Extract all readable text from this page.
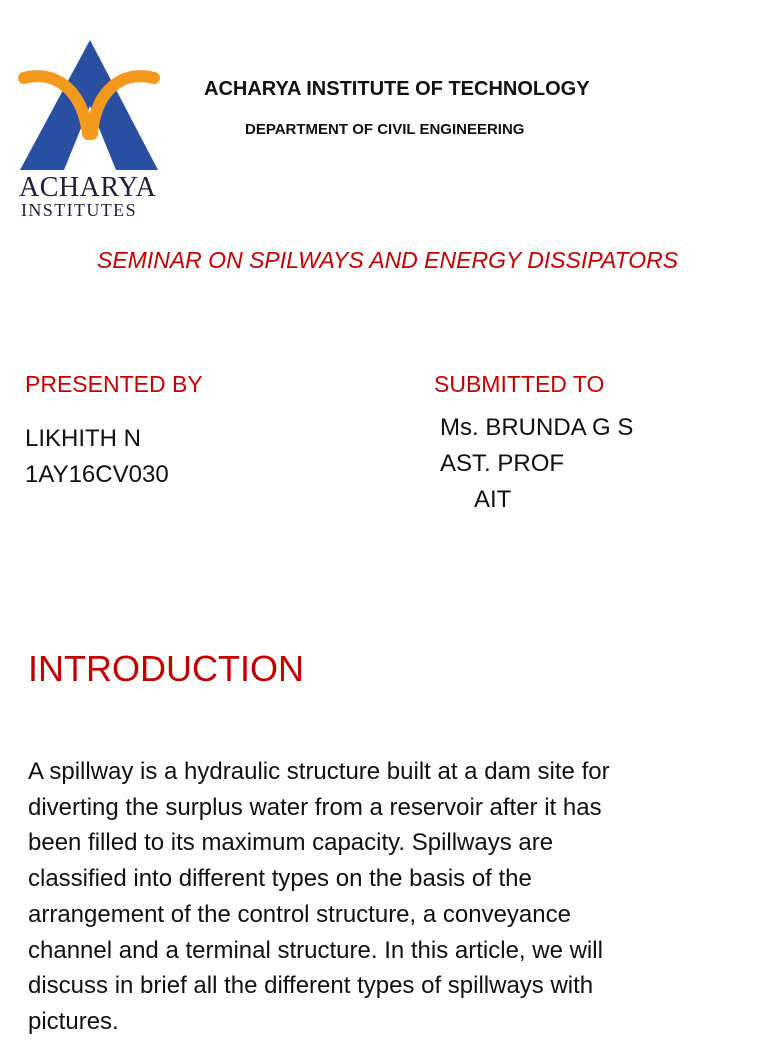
ACHARYA
INSTITUTES
ACHARYA INSTITUTE OF TECHNOLOGY
DEPARTMENT OF CIVIL ENGINEERING
SEMINAR ON SPILWAYS AND ENERGY DISSIPATORS
PRESENTED BY	SUBMITTED TO
LIKHITH N
1AY16CV030
Ms. BRUNDA G S
AST. PROF
AIT
INTRODUCTION
A spillway is a hydraulic structure built at a dam site for
diverting the surplus water from a reservoir after it has
been filled to its maximum capacity. Spillways are
classified into different types on the basis of the
arrangement of the control structure, a conveyance
channel and a terminal structure. In this article, we will
discuss in brief all the different types of spillways with
pictures.
